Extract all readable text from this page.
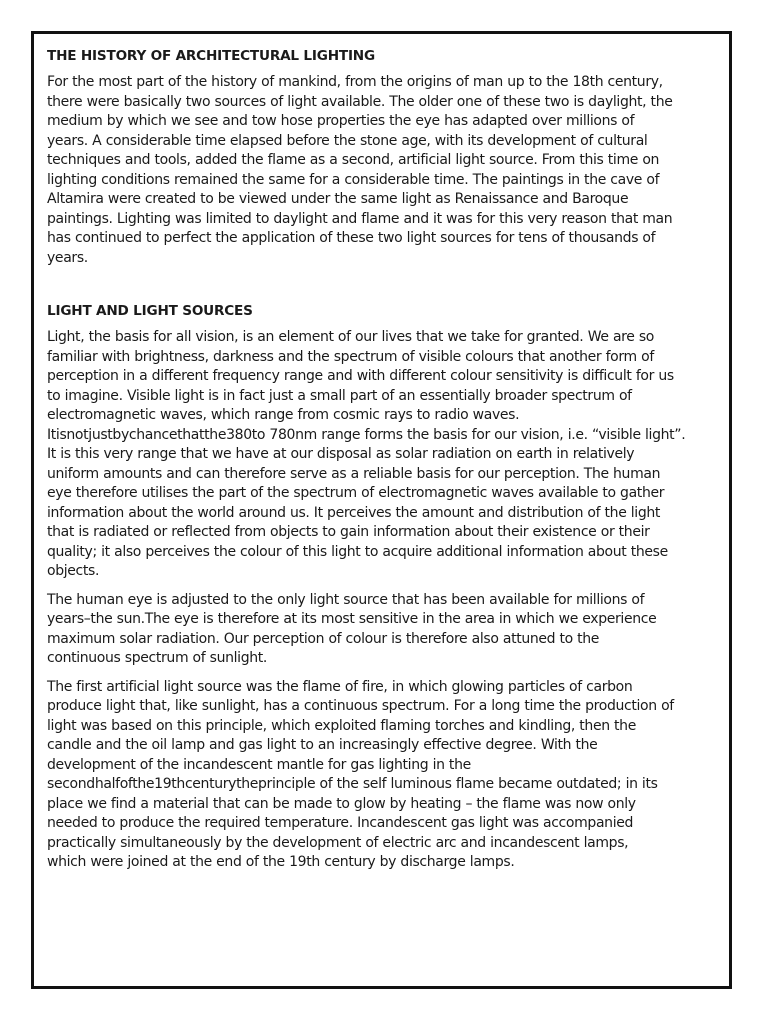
THE HISTORY OF ARCHITECTURAL LIGHTING
For the most part of the history of mankind, from the origins of man up to the 18th century,
there were basically two sources of light available. The older one of these two is daylight, the
medium by which we see and tow hose properties the eye has adapted over millions of
years. A considerable time elapsed before the stone age, with its development of cultural
techniques and tools, added the flame as a second, artificial light source. From this time on
lighting conditions remained the same for a considerable time. The paintings in the cave of
Altamira were created to be viewed under the same light as Renaissance and Baroque
paintings. Lighting was limited to daylight and flame and it was for this very reason that man
has continued to perfect the application of these two light sources for tens of thousands of
years.
LIGHT AND LIGHT SOURCES
Light, the basis for all vision, is an element of our lives that we take for granted. We are so
familiar with brightness, darkness and the spectrum of visible colours that another form of
perception in a different frequency range and with different colour sensitivity is difficult for us
to imagine. Visible light is in fact just a small part of an essentially broader spectrum of
electromagnetic waves, which range from cosmic rays to radio waves.
Itisnotjustbychancethatthe380to 780nm range forms the basis for our vision, i.e. “visible light”.
It is this very range that we have at our disposal as solar radiation on earth in relatively
uniform amounts and can therefore serve as a reliable basis for our perception. The human
eye therefore utilises the part of the spectrum of electromagnetic waves available to gather
information about the world around us. It perceives the amount and distribution of the light
that is radiated or reflected from objects to gain information about their existence or their
quality; it also perceives the colour of this light to acquire additional information about these
objects.
The human eye is adjusted to the only light source that has been available for millions of
years–the sun.The eye is therefore at its most sensitive in the area in which we experience
maximum solar radiation. Our perception of colour is therefore also attuned to the
continuous spectrum of sunlight.
The first artificial light source was the flame of fire, in which glowing particles of carbon
produce light that, like sunlight, has a continuous spectrum. For a long time the production of
light was based on this principle, which exploited flaming torches and kindling, then the
candle and the oil lamp and gas light to an increasingly effective degree. With the
development of the incandescent mantle for gas lighting in the
secondhalfofthe19thcenturytheprinciple of the self luminous flame became outdated; in its
place we find a material that can be made to glow by heating – the flame was now only
needed to produce the required temperature. Incandescent gas light was accompanied
practically simultaneously by the development of electric arc and incandescent lamps,
which were joined at the end of the 19th century by discharge lamps.
